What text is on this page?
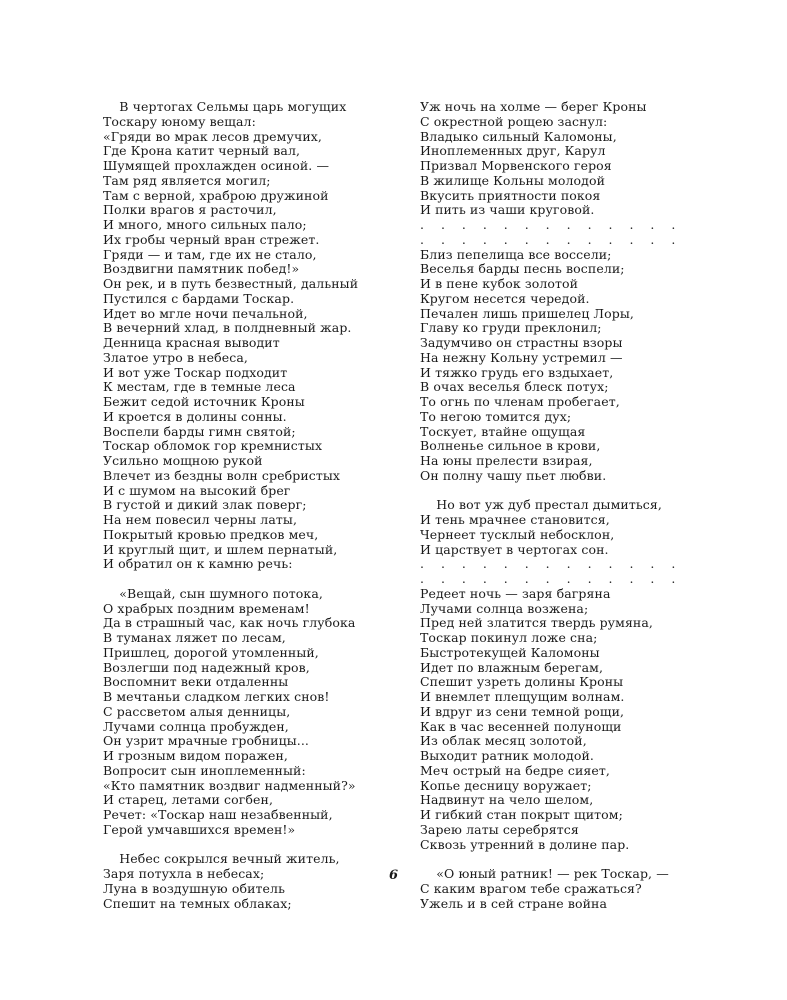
В чертогах Сельмы царь могущих
Тоскару юному вещал:
«Гряди во мрак лесов дремучих,
Где Крона катит черный вал,
Шумящей прохлажден осиной. —
Там ряд является могил;
Там с верной, храброю дружиной
Полки врагов я расточил,
И много, много сильных пало;
Их гробы черный вран стрежет.
Гряди — и там, где их не стало,
Воздвигни памятник побед!»
Он рек, и в путь безвестный, дальный
Пустился с бардами Тоскар.
Идет во мгле ночи печальной,
В вечерний хлад, в полдневный жар.
Денница красная выводит
Златое утро в небеса,
И вот уже Тоскар подходит
К местам, где в темные леса
Бежит седой источник Кроны
И кроется в долины сонны.
Воспели барды гимн святой;
Тоскар обломок гор кремнистых
Усильно мощною рукой
Влечет из бездны волн сребристых
И с шумом на высокий брег
В густой и дикий злак поверг;
На нем повесил черны латы,
Покрытый кровью предков меч,
И круглый щит, и шлем пернатый,
И обратил он к камню речь:
«Вещай, сын шумного потока,
О храбрых поздним временам!
Да в страшный час, как ночь глубока
В туманах ляжет по лесам,
Пришлец, дорогой утомленный,
Возлегши под надежный кров,
Воспомнит веки отдаленны
В мечтаньи сладком легких снов!
С рассветом алыя денницы,
Лучами солнца пробужден,
Он узрит мрачные гробницы...
И грозным видом поражен,
Вопросит сын иноплеменный:
«Кто памятник воздвиг надменный?»
И старец, летами согбен,
Речет: «Тоскар наш незабвенный,
Герой умчавшихся времен!»
Небес сокрылся вечный житель,
Заря потухла в небесах;
Луна в воздушную обитель
Спешит на темных облаках;
Уж ночь на холме — берег Кроны
С окрестной рощею заснул:
Владыко сильный Каломоны,
Иноплеменных друг, Карул
Призвал Морвенского героя
В жилище Кольны молодой
Вкусить приятности покоя
И пить из чаши круговой.
. . . . . . . . . . . . .
. . . . . . . . . . . . .
Близ пепелища все воссели;
Веселья барды песнь воспели;
И в пене кубок золотой
Кругом несется чередой.
Печален лишь пришелец Лоры,
Главу ко груди преклонил;
Задумчиво он страстны взоры
На нежну Кольну устремил —
И тяжко грудь его вздыхает,
В очах веселья блеск потух;
То огнь по членам пробегает,
То негою томится дух;
Тоскует, втайне ощущая
Волненье сильное в крови,
На юны прелести взирая,
Он полну чашу пьет любви.
Но вот уж дуб престал дымиться,
И тень мрачнее становится,
Чернеет тусклый небосклон,
И царствует в чертогах сон.
. . . . . . . . . . . . .
. . . . . . . . . . . . .
Редеет ночь — заря багряна
Лучами солнца возжена;
Пред ней златится твердь румяна,
Тоскар покинул ложе сна;
Быстротекущей Каломоны
Идет по влажным берегам,
Спешит узреть долины Кроны
И внемлет плещущим волнам.
И вдруг из сени темной рощи,
Как в час весенней полунощи
Из облак месяц золотой,
Выходит ратник молодой.
Меч острый на бедре сияет,
Копье десницу воружает;
Надвинут на чело шелом,
И гибкий стан покрыт щитом;
Зарею латы серебрятся
Сквозь утренний в долине пар.
«О юный ратник! — рек Тоскар, —
С каким врагом тебе сражаться?
Ужель и в сей стране война
6
